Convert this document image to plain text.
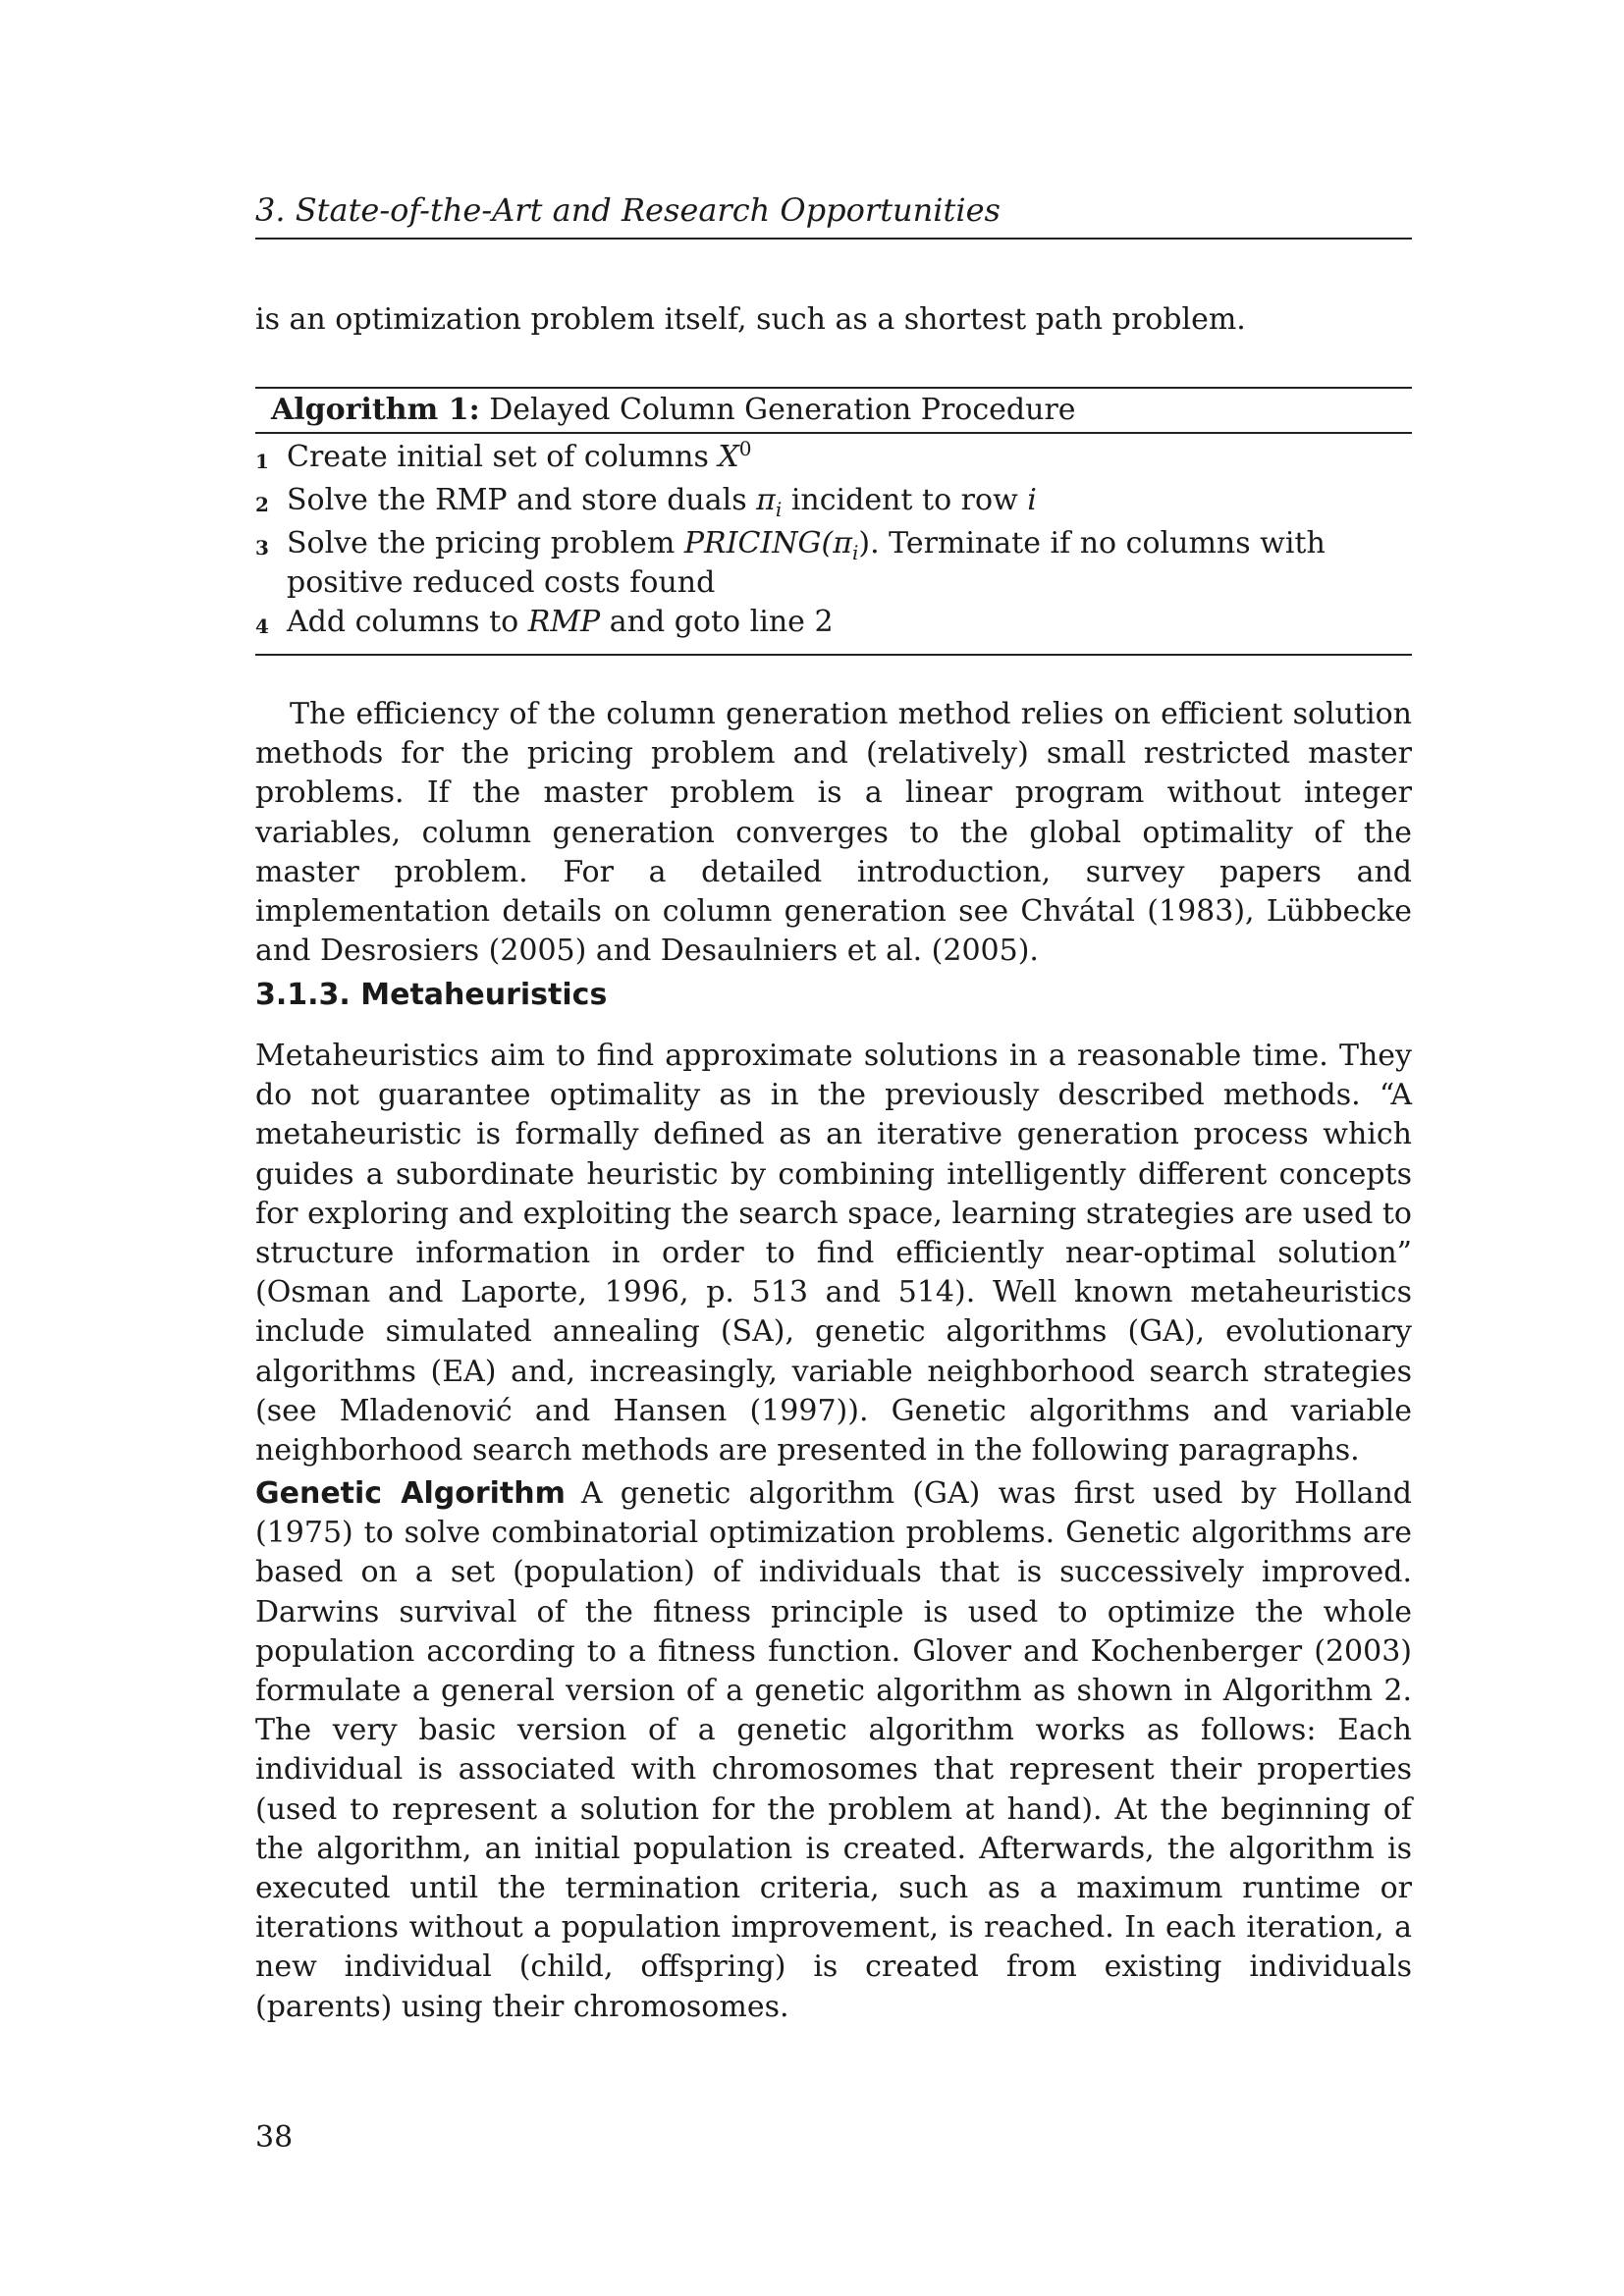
3. State-of-the-Art and Research Opportunities

is an optimization problem itself, such as a shortest path problem.

Algorithm 1: Delayed Column Generation Procedure
1 Create initial set of columns $X^0$
2 Solve the RMP and store duals $\pi_i$ incident to row i
3 Solve the pricing problem $PRICING(\pi_i)$. Terminate if no columns with positive reduced costs found
4 Add columns to RMP and goto line 2

The efficiency of the column generation method relies on efficient solution methods for the pricing problem and (relatively) small restricted master problems. If the master problem is a linear program without integer variables, column generation converges to the global optimality of the master problem. For a detailed introduction, survey papers and implementation details on column generation see Chvátal (1983), Lübbecke and Desrosiers (2005) and Desaulniers et al. (2005).

3.1.3. Metaheuristics

Metaheuristics aim to find approximate solutions in a reasonable time. They do not guarantee optimality as in the previously described methods. “A metaheuristic is formally defined as an iterative generation process which guides a subordinate heuristic by combining intelligently different concepts for exploring and exploiting the search space, learning strategies are used to structure information in order to find efficiently near-optimal solution” (Osman and Laporte, 1996, p. 513 and 514). Well known metaheuristics include simulated annealing (SA), genetic algorithms (GA), evolutionary algorithms (EA) and, increasingly, variable neighborhood search strategies (see Mladenović and Hansen (1997)). Genetic algorithms and variable neighborhood search methods are presented in the following paragraphs.

Genetic Algorithm A genetic algorithm (GA) was first used by Holland (1975) to solve combinatorial optimization problems. Genetic algorithms are based on a set (population) of individuals that is successively improved. Darwins survival of the fitness principle is used to optimize the whole population according to a fitness function. Glover and Kochenberger (2003) formulate a general version of a genetic algorithm as shown in Algorithm 2. The very basic version of a genetic algorithm works as follows: Each individual is associated with chromosomes that represent their properties (used to represent a solution for the problem at hand). At the beginning of the algorithm, an initial population is created. Afterwards, the algorithm is executed until the termination criteria, such as a maximum runtime or iterations without a population improvement, is reached. In each iteration, a new individual (child, offspring) is created from existing individuals (parents) using their chromosomes.

38
